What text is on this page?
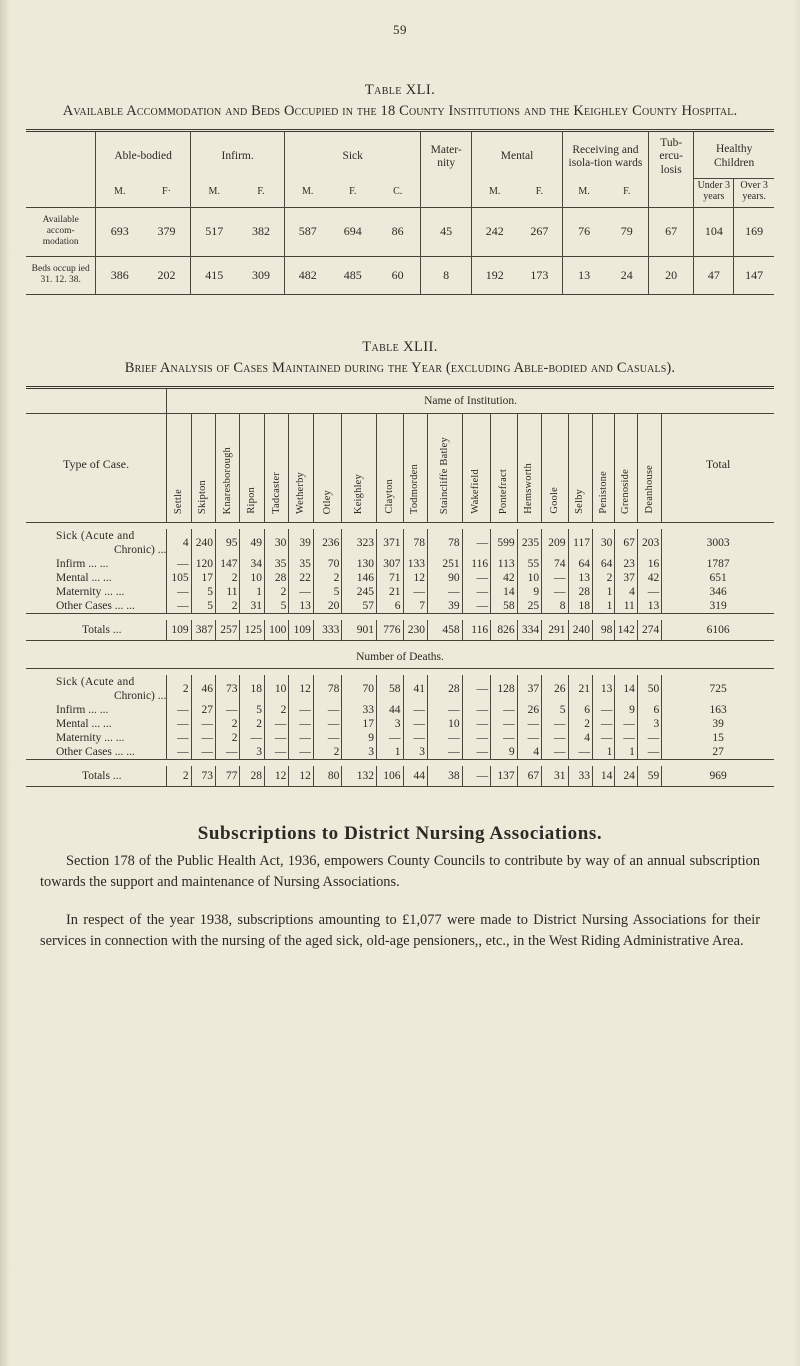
59
Table XLI.
Available Accommodation and Beds Occupied in the 18 County Institutions and the Keighley County Hospital.
	Able-bodied		Infirm.		Sick			Mater-nity	Mental		Receiving and isola-tion wards		Tub-ercu-losis	Healthy Children	

	M.	F·	M.	F.	M.	F.	C.		M.	F.	M.	F.		Under 3 years	Over 3 years.
Available accom-modation	693	379	517	382	587	694	86	45	242	267	76	79	67	104	169
Beds occup ied 31. 12. 38.	386	202	415	309	482	485	60	8	192	173	13	24	20	47	147

Table XLII.
Brief Analysis of Cases Maintained during the Year (excluding Able-bodied and Casuals).
	Name of Institution.																			
Type of Case.	Settle	Skipton	Knaresborough	Ripon	Tadcaster	Wetherby	Otley	Keighley	Clayton	Todmorden	Staincliffe Batley	Wakefield	Pontefract	Hemsworth	Goole	Selby	Penistone	Grenoside	Deanhouse	Total

Sick (Acute and
Chronic) ...	4	240	95	49	30	39	236	323	371	78	78	—	599	235	209	117	30	67	203	3003
Infirm ... ...	—	120	147	34	35	35	70	130	307	133	251	116	113	55	74	64	64	23	16	1787
Mental ... ...	105	17	2	10	28	22	2	146	71	12	90	—	42	10	—	13	2	37	42	651
Maternity ... ...	—	5	11	1	2	—	5	245	21	—	—	—	14	9	—	28	1	4	—	346
Other Cases ... ...	—	5	2	31	5	13	20	57	6	7	39	—	58	25	8	18	1	11	13	319

Totals ...	109	387	257	125	100	109	333	901	776	230	458	116	826	334	291	240	98	142	274	6106

Number of Deaths.																				

Sick (Acute and
Chronic) ...	2	46	73	18	10	12	78	70	58	41	28	—	128	37	26	21	13	14	50	725
Infirm ... ...	—	27	—	5	2	—	—	33	44	—	—	—	—	26	5	6	—	9	6	163
Mental ... ...	—	—	2	2	—	—	—	17	3	—	10	—	—	—	—	2	—	—	3	39
Maternity ... ...	—	—	2	—	—	—	—	9	—	—	—	—	—	—	—	4	—	—	—	15
Other Cases ... ...	—	—	—	3	—	—	2	3	1	3	—	—	9	4	—	—	1	1	—	27

Totals ...	2	73	77	28	12	12	80	132	106	44	38	—	137	67	31	33	14	24	59	969

Subscriptions to District Nursing Associations.
Section 178 of the Public Health Act, 1936, empowers County Councils to contribute by way of an annual subscription towards the support and maintenance of Nursing Associations.
In respect of the year 1938, subscriptions amounting to £1,077 were made to District Nursing Associations for their services in connection with the nursing of the aged sick, old-age pensioners,, etc., in the West Riding Administrative Area.
